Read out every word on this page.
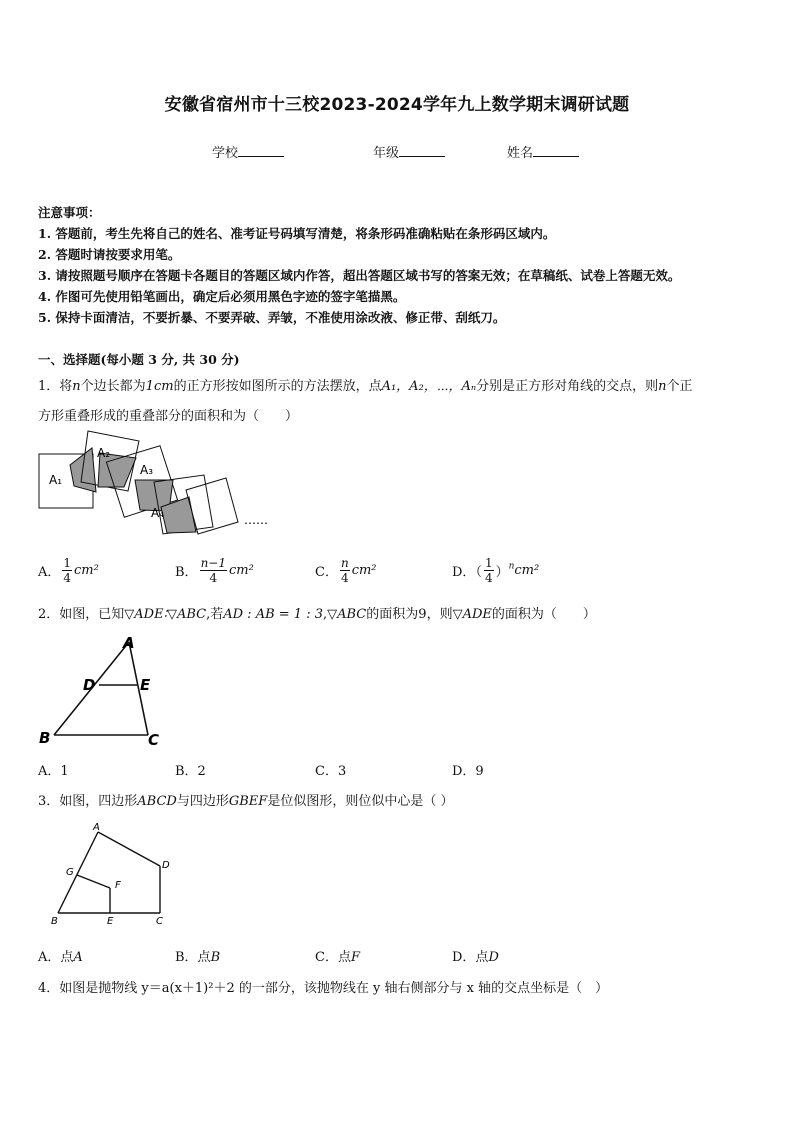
安徽省宿州市十三校2023-2024学年九上数学期末调研试题
学校	年级	姓名
注意事项：
1. 答题前，考生先将自己的姓名、准考证号码填写清楚，将条形码准确粘贴在条形码区域内。
2. 答题时请按要求用笔。
3. 请按照题号顺序在答题卡各题目的答题区域内作答，超出答题区域书写的答案无效；在草稿纸、试卷上答题无效。
4. 作图可先使用铅笔画出，确定后必须用黑色字迹的签字笔描黑。
5. 保持卡面清洁，不要折暴、不要弄破、弄皱，不准使用涂改液、修正带、刮纸刀。
一、选择题(每小题 3 分, 共 30 分)
1．将n个边长都为1cm的正方形按如图所示的方法摆放，点A₁，A₂，⋯，Aₙ分别是正方形对角线的交点，则n个正
方形重叠形成的重叠部分的面积和为（　　）
A₁
A₂
A₃
A₄	……
A． $\frac{1}{4} cm^2$	B． $\frac{n-1}{4} cm^2$	C． $\frac{n}{4} cm^2$	D．（ $\frac{1}{4} )^ncm^2$
2．如图，已知▽ADE∶▽ABC,若AD : AB = 1 : 3,▽ABC的面积为9，则▽ADE的面积为（　　）
A
D	E
B	C
A．1	B．2	C．3	D．9
3．如图，四边形ABCD与四边形GBEF是位似图形，则位似中心是（ ）
A
G
F
D
B	E	C
A．点A	B．点B	C．点F	D．点D
4．如图是抛物线 y＝a(x＋1)²＋2 的一部分，该抛物线在 y 轴右侧部分与 x 轴的交点坐标是（　）
